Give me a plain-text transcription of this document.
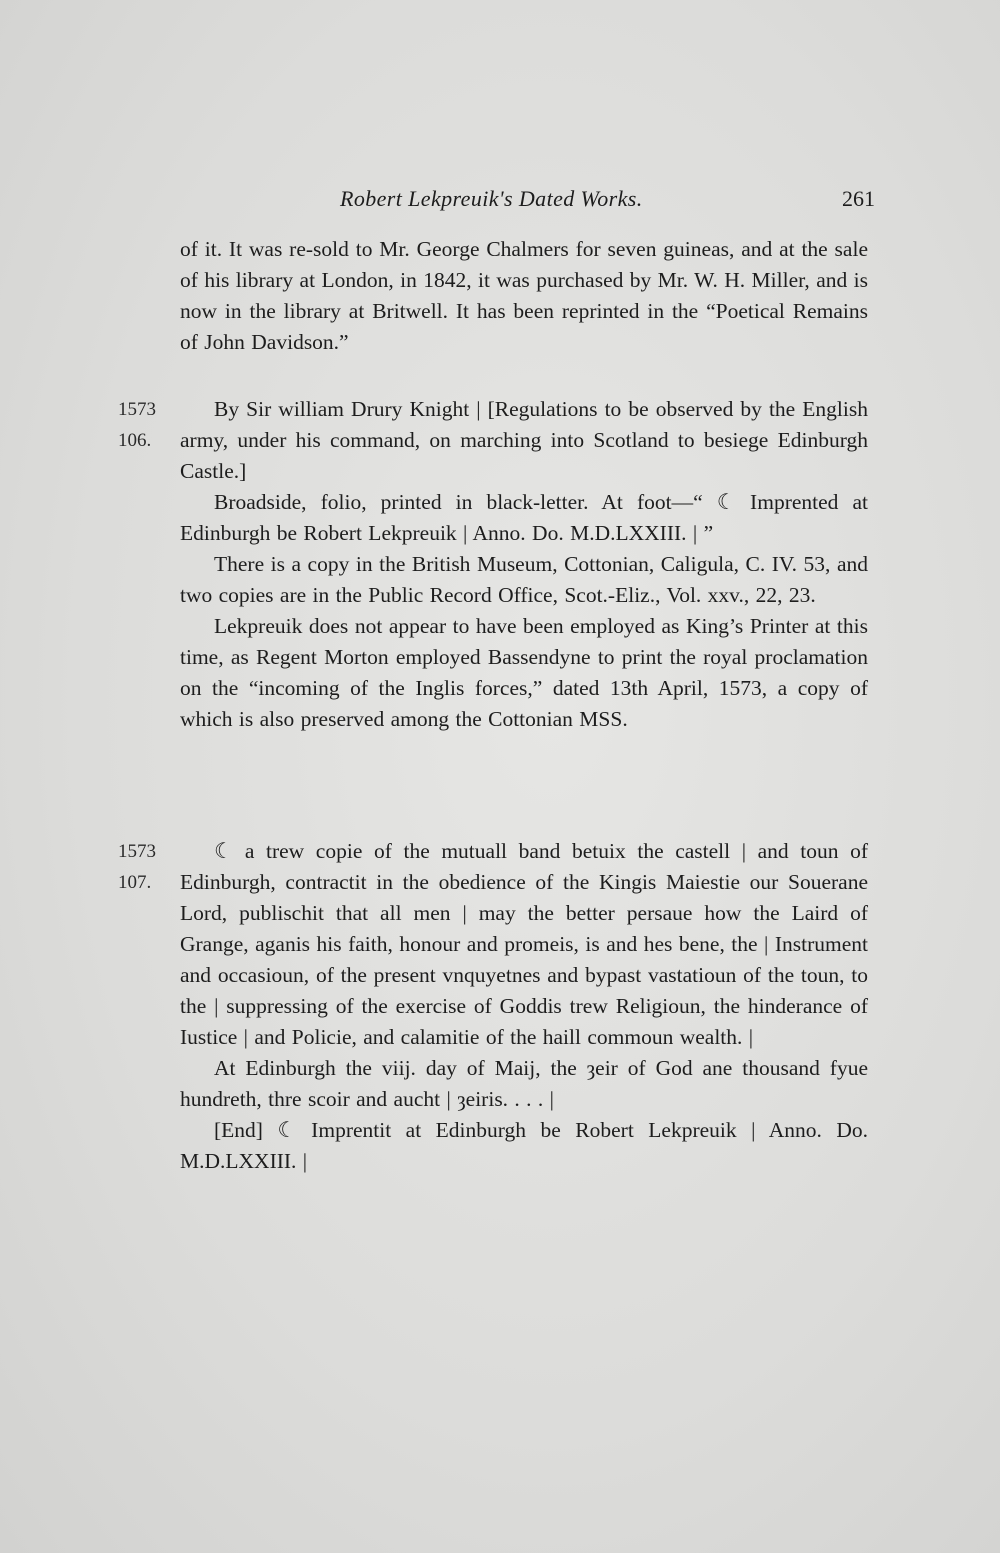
Robert Lekpreuik's Dated Works.	261

of it. It was re-sold to Mr. George Chalmers for seven guineas, and at the sale of his library at London, in 1842, it was purchased by Mr. W. H. Miller, and is now in the library at Britwell. It has been reprinted in the “Poetical Remains of John Davidson.”

1573
106.

By Sir william Drury Knight | [Regulations to be observed by the English army, under his command, on marching into Scotland to besiege Edinburgh Castle.]

Broadside, folio, printed in black-letter. At foot—“ ☾ Imprented at Edinburgh be Robert Lekpreuik | Anno. Do. M.D.LXXIII. | ”

There is a copy in the British Museum, Cottonian, Caligula, C. IV. 53, and two copies are in the Public Record Office, Scot.-Eliz., Vol. xxv., 22, 23.

Lekpreuik does not appear to have been employed as King’s Printer at this time, as Regent Morton employed Bassendyne to print the royal proclamation on the “incoming of the Inglis forces,” dated 13th April, 1573, a copy of which is also preserved among the Cottonian MSS.

1573
107.

☾ a trew copie of the mutuall band betuix the castell | and toun of Edinburgh, contractit in the obedience of the Kingis Maiestie our Souerane Lord, publischit that all men | may the better persaue how the Laird of Grange, aganis his faith, honour and promeis, is and hes bene, the | Instrument and occasioun, of the present vnquyetnes and bypast vastatioun of the toun, to the | suppressing of the exercise of Goddis trew Religioun, the hinderance of Iustice | and Policie, and calamitie of the haill commoun wealth. |

At Edinburgh the viij. day of Maij, the ȝeir of God ane thousand fyue hundreth, thre scoir and aucht | ȝeiris. . . . |

[End] ☾ Imprentit at Edinburgh be Robert Lekpreuik | Anno. Do. M.D.LXXIII. |
